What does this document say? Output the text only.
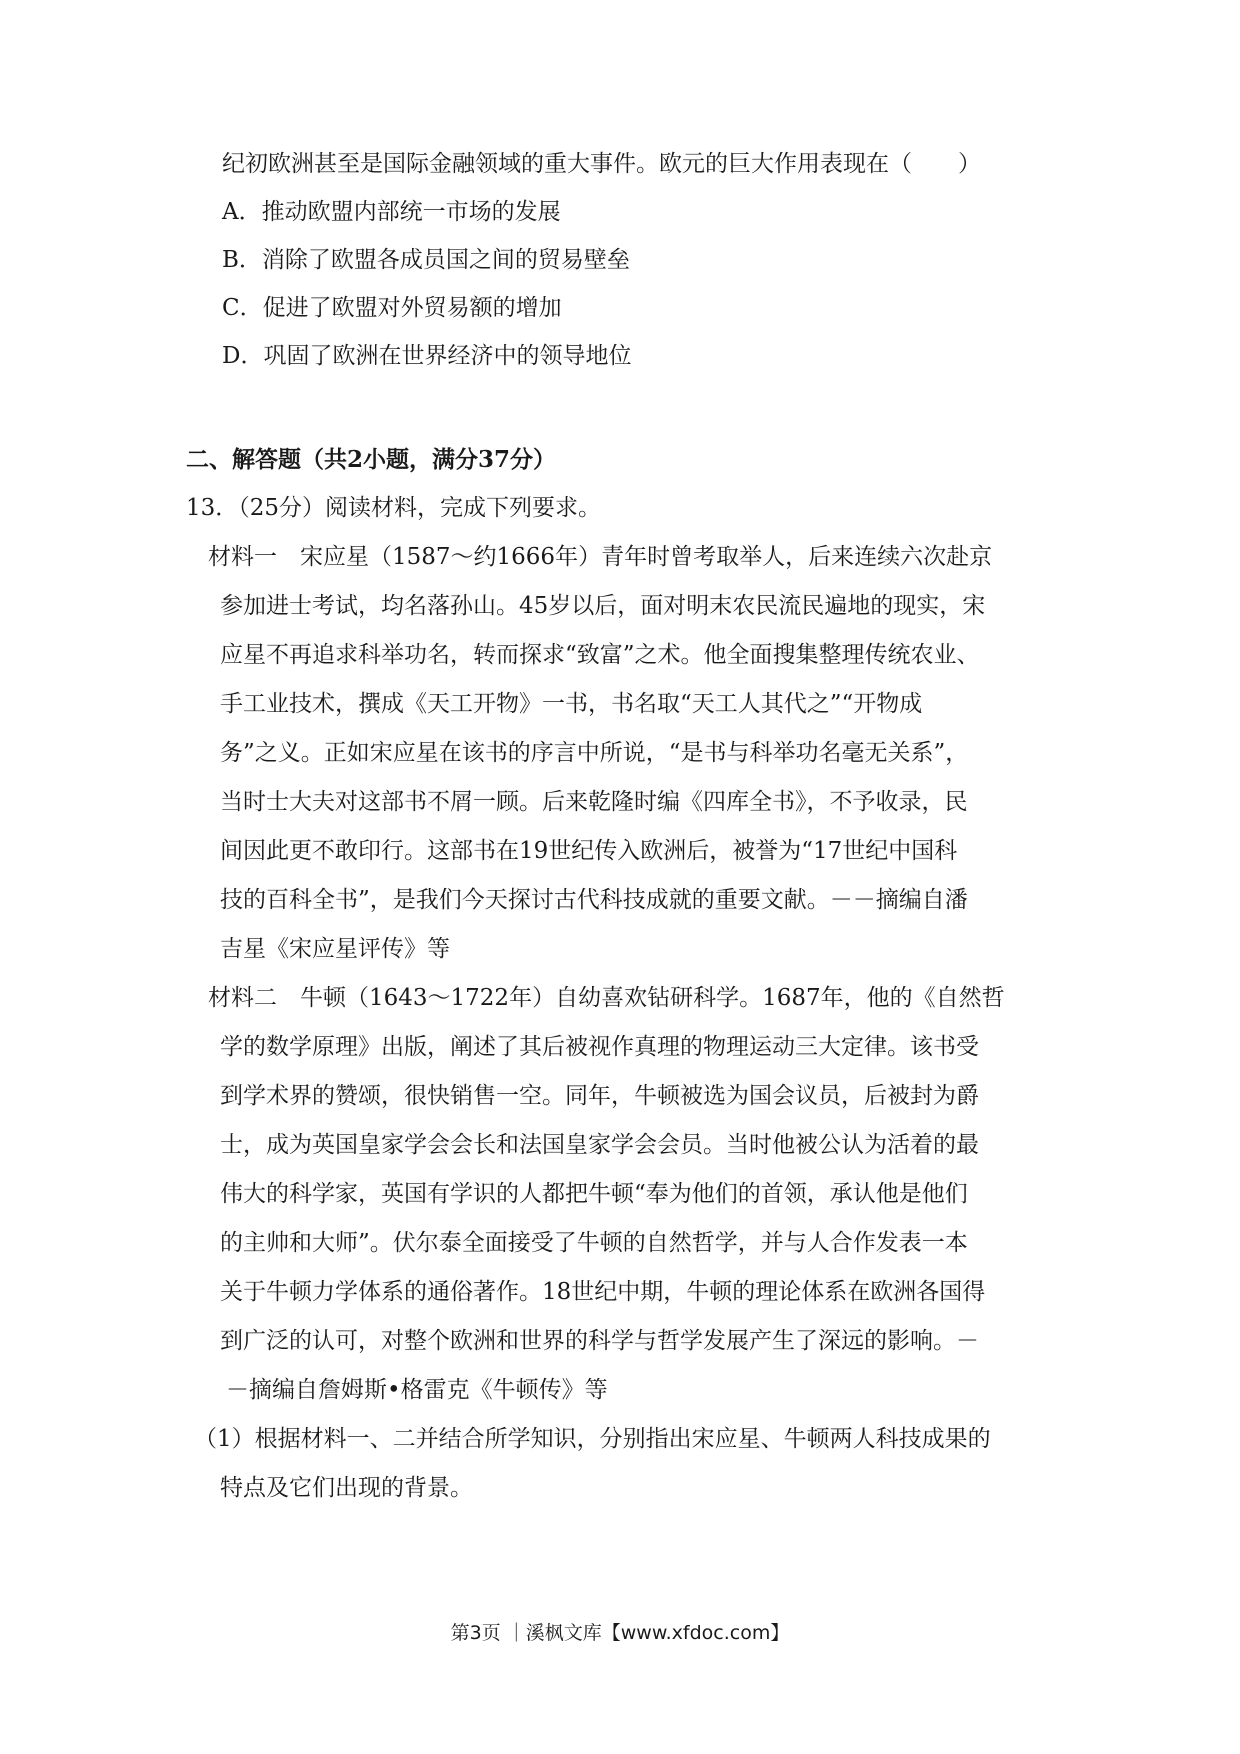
纪初欧洲甚至是国际金融领域的重大事件。欧元的巨大作用表现在（　　）
A．推动欧盟内部统一市场的发展
B．消除了欧盟各成员国之间的贸易壁垒
C．促进了欧盟对外贸易额的增加
D．巩固了欧洲在世界经济中的领导地位
二、解答题（共2小题，满分37分）
13．（25分）阅读材料，完成下列要求。
材料一　宋应星（1587～约1666年）青年时曾考取举人，后来连续六次赴京
参加进士考试，均名落孙山。45岁以后，面对明末农民流民遍地的现实，宋
应星不再追求科举功名，转而探求“致富”之术。他全面搜集整理传统农业、
手工业技术，撰成《天工开物》一书，书名取“天工人其代之”“开物成
务”之义。正如宋应星在该书的序言中所说，“是书与科举功名毫无关系”，
当时士大夫对这部书不屑一顾。后来乾隆时编《四库全书》，不予收录，民
间因此更不敢印行。这部书在19世纪传入欧洲后，被誉为“17世纪中国科
技的百科全书”，是我们今天探讨古代科技成就的重要文献。－－摘编自潘
吉星《宋应星评传》等
材料二　牛顿（1643～1722年）自幼喜欢钻研科学。1687年，他的《自然哲
学的数学原理》出版，阐述了其后被视作真理的物理运动三大定律。该书受
到学术界的赞颂，很快销售一空。同年，牛顿被选为国会议员，后被封为爵
士，成为英国皇家学会会长和法国皇家学会会员。当时他被公认为活着的最
伟大的科学家，英国有学识的人都把牛顿“奉为他们的首领，承认他是他们
的主帅和大师”。伏尔泰全面接受了牛顿的自然哲学，并与人合作发表一本
关于牛顿力学体系的通俗著作。18世纪中期，牛顿的理论体系在欧洲各国得
到广泛的认可，对整个欧洲和世界的科学与哲学发展产生了深远的影响。－
－摘编自詹姆斯•格雷克《牛顿传》等
（1）根据材料一、二并结合所学知识，分别指出宋应星、牛顿两人科技成果的
特点及它们出现的背景。
第3页 ｜溪枫文库【www.xfdoc.com】
